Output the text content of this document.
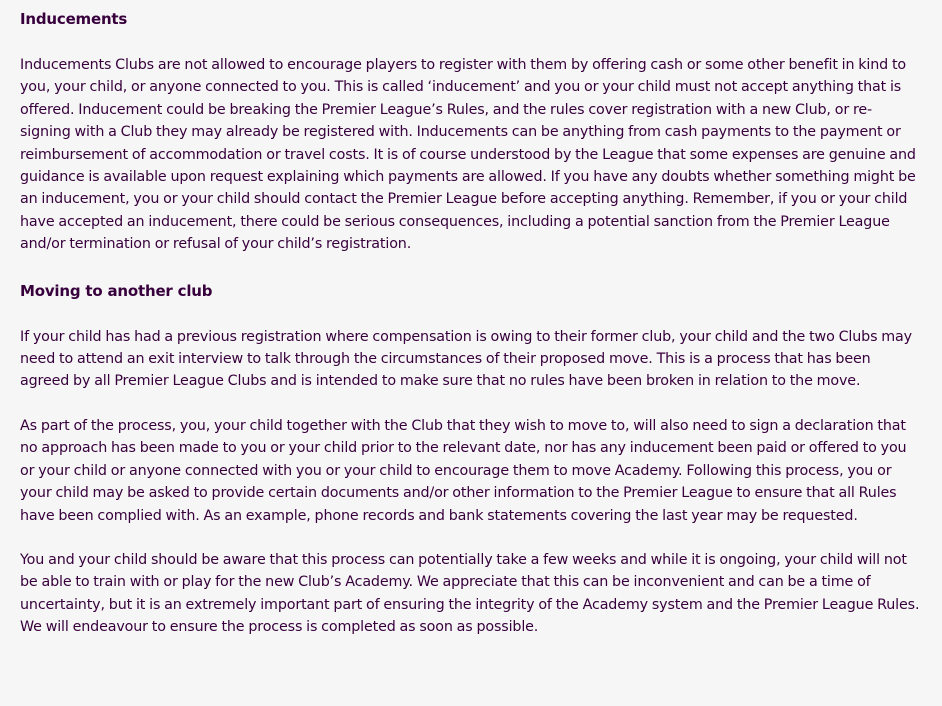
Inducements

Inducements Clubs are not allowed to encourage players to register with them by offering cash or some other benefit in kind to you, your child, or anyone connected to you. This is called ‘inducement’ and you or your child must not accept anything that is offered. Inducement could be breaking the Premier League’s Rules, and the rules cover registration with a new Club, or re-signing with a Club they may already be registered with. Inducements can be anything from cash payments to the payment or reimbursement of accommodation or travel costs. It is of course understood by the League that some expenses are genuine and guidance is available upon request explaining which payments are allowed. If you have any doubts whether something might be an inducement, you or your child should contact the Premier League before accepting anything. Remember, if you or your child have accepted an inducement, there could be serious consequences, including a potential sanction from the Premier League and/or termination or refusal of your child’s registration.

Moving to another club

If your child has had a previous registration where compensation is owing to their former club, your child and the two Clubs may need to attend an exit interview to talk through the circumstances of their proposed move. This is a process that has been agreed by all Premier League Clubs and is intended to make sure that no rules have been broken in relation to the move.

As part of the process, you, your child together with the Club that they wish to move to, will also need to sign a declaration that no approach has been made to you or your child prior to the relevant date, nor has any inducement been paid or offered to you or your child or anyone connected with you or your child to encourage them to move Academy. Following this process, you or your child may be asked to provide certain documents and/or other information to the Premier League to ensure that all Rules have been complied with. As an example, phone records and bank statements covering the last year may be requested.

You and your child should be aware that this process can potentially take a few weeks and while it is ongoing, your child will not be able to train with or play for the new Club’s Academy. We appreciate that this can be inconvenient and can be a time of uncertainty, but it is an extremely important part of ensuring the integrity of the Academy system and the Premier League Rules. We will endeavour to ensure the process is completed as soon as possible.
